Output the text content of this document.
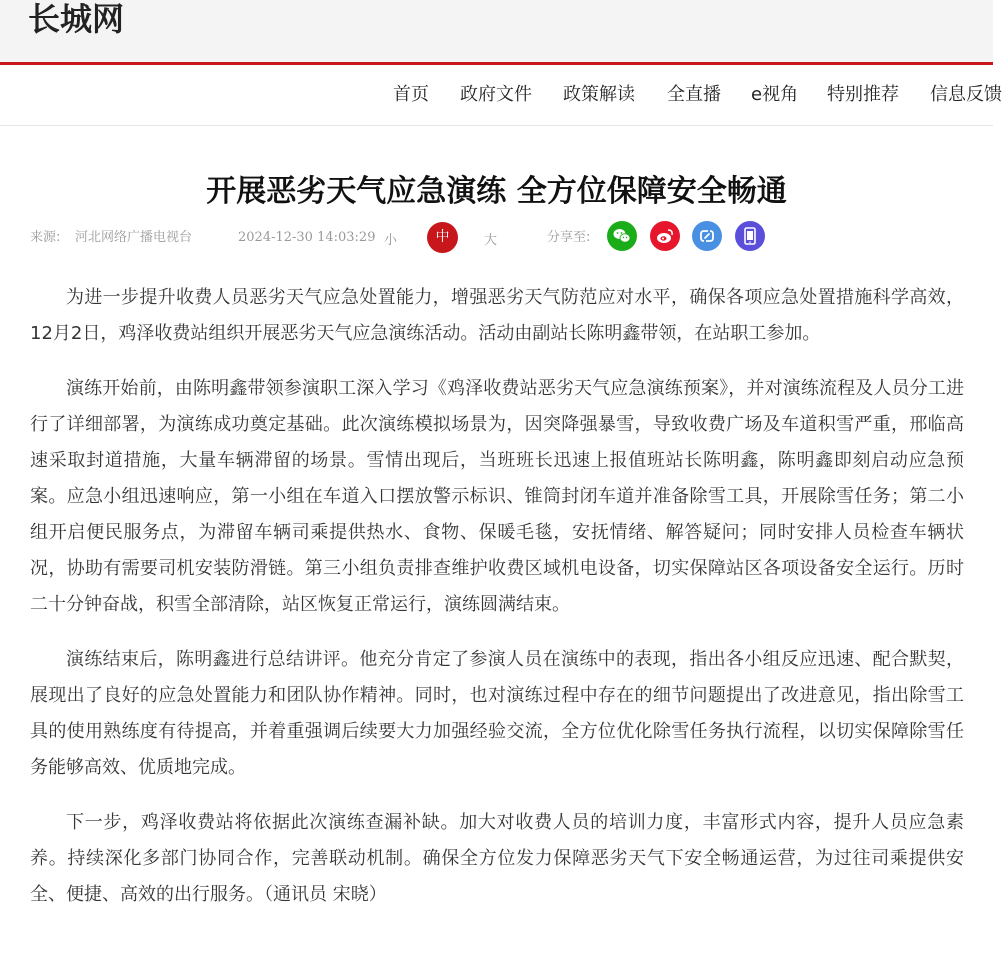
长城网
首页 政府文件 政策解读 全直播 e视角 特别推荐 信息反馈
开展恶劣天气应急演练 全方位保障安全畅通
来源: 河北网络广播电视台	2024-12-30 14:03:29 小	中	大	分享至:

为进一步提升收费人员恶劣天气应急处置能力，增强恶劣天气防范应对水平，确保各项应急处置措施科学高效，12月2日，鸡泽收费站组织开展恶劣天气应急演练活动。活动由副站长陈明鑫带领，在站职工参加。

演练开始前，由陈明鑫带领参演职工深入学习《鸡泽收费站恶劣天气应急演练预案》，并对演练流程及人员分工进行了详细部署，为演练成功奠定基础。此次演练模拟场景为，因突降强暴雪，导致收费广场及车道积雪严重，邢临高速采取封道措施，大量车辆滞留的场景。雪情出现后，当班班长迅速上报值班站长陈明鑫，陈明鑫即刻启动应急预案。应急小组迅速响应，第一小组在车道入口摆放警示标识、锥筒封闭车道并准备除雪工具，开展除雪任务；第二小组开启便民服务点，为滞留车辆司乘提供热水、食物、保暖毛毯，安抚情绪、解答疑问；同时安排人员检查车辆状况，协助有需要司机安装防滑链。第三小组负责排查维护收费区域机电设备，切实保障站区各项设备安全运行。历时二十分钟奋战，积雪全部清除，站区恢复正常运行，演练圆满结束。

演练结束后，陈明鑫进行总结讲评。他充分肯定了参演人员在演练中的表现，指出各小组反应迅速、配合默契，展现出了良好的应急处置能力和团队协作精神。同时，也对演练过程中存在的细节问题提出了改进意见，指出除雪工具的使用熟练度有待提高，并着重强调后续要大力加强经验交流，全方位优化除雪任务执行流程，以切实保障除雪任务能够高效、优质地完成。

下一步，鸡泽收费站将依据此次演练查漏补缺。加大对收费人员的培训力度，丰富形式内容，提升人员应急素养。持续深化多部门协同合作，完善联动机制。确保全方位发力保障恶劣天气下安全畅通运营，为过往司乘提供安全、便捷、高效的出行服务。（通讯员 宋晓）
